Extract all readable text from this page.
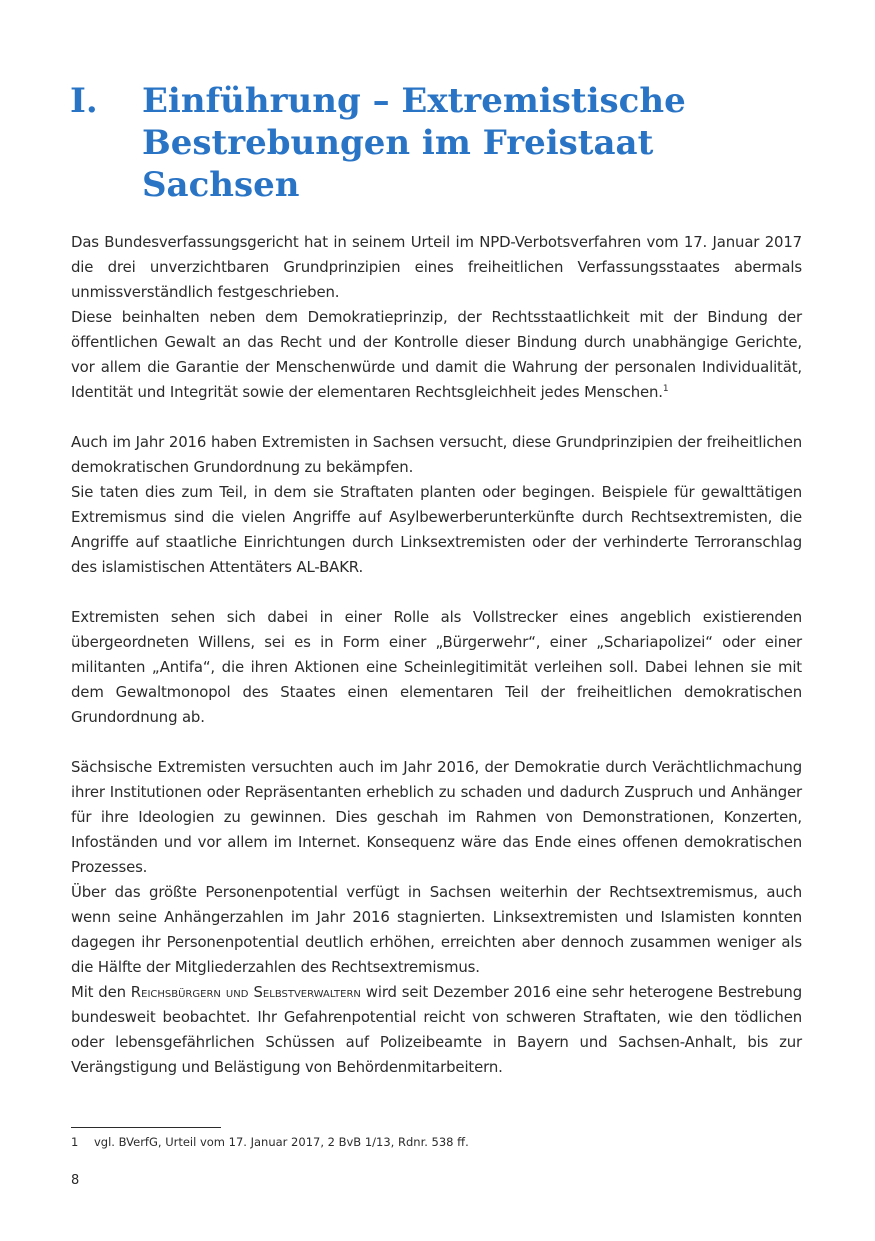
I. Einführung – Extremistische
Bestrebungen im Freistaat Sachsen

Das Bundesverfassungsgericht hat in seinem Urteil im NPD-Verbotsverfahren vom 17. Januar 2017 die drei unverzichtbaren Grundprinzipien eines freiheitlichen Verfassungsstaates abermals unmissverständlich festgeschrieben.

Diese beinhalten neben dem Demokratieprinzip, der Rechtsstaatlichkeit mit der Bindung der öffentlichen Gewalt an das Recht und der Kontrolle dieser Bindung durch unabhängige Gerichte, vor allem die Garantie der Menschenwürde und damit die Wahrung der personalen Individualität, Identität und Integrität sowie der elementaren Rechtsgleichheit jedes Menschen.$^1$

Auch im Jahr 2016 haben Extremisten in Sachsen versucht, diese Grundprinzipien der freiheitlichen demokratischen Grundordnung zu bekämpfen.

Sie taten dies zum Teil, in dem sie Straftaten planten oder begingen. Beispiele für gewalttätigen Extremismus sind die vielen Angriffe auf Asylbewerberunterkünfte durch Rechtsextremisten, die Angriffe auf staatliche Einrichtungen durch Linksextremisten oder der verhinderte Terroranschlag des islamistischen Attentäters AL-BAKR.

Extremisten sehen sich dabei in einer Rolle als Vollstrecker eines angeblich existierenden übergeordneten Willens, sei es in Form einer „Bürgerwehr“, einer „Schariapolizei“ oder einer militanten „Antifa“, die ihren Aktionen eine Scheinlegitimität verleihen soll. Dabei lehnen sie mit dem Gewaltmonopol des Staates einen elementaren Teil der freiheitlichen demokratischen Grundordnung ab.

Sächsische Extremisten versuchten auch im Jahr 2016, der Demokratie durch Verächtlichmachung ihrer Institutionen oder Repräsentanten erheblich zu schaden und dadurch Zuspruch und Anhänger für ihre Ideologien zu gewinnen. Dies geschah im Rahmen von Demonstrationen, Konzerten, Infoständen und vor allem im Internet. Konsequenz wäre das Ende eines offenen demokratischen Prozesses.

Über das größte Personenpotential verfügt in Sachsen weiterhin der Rechtsextremismus, auch wenn seine Anhängerzahlen im Jahr 2016 stagnierten. Linksextremisten und Islamisten konnten dagegen ihr Personenpotential deutlich erhöhen, erreichten aber dennoch zusammen weniger als die Hälfte der Mitgliederzahlen des Rechtsextremismus.

Mit den Reichsbürgern und Selbstverwaltern wird seit Dezember 2016 eine sehr heterogene Bestrebung bundesweit beobachtet. Ihr Gefahrenpotential reicht von schweren Straftaten, wie den tödlichen oder lebensgefährlichen Schüssen auf Polizeibeamte in Bayern und Sachsen-Anhalt, bis zur Verängstigung und Belästigung von Behördenmitarbeitern.

1 vgl. BVerfG, Urteil vom 17. Januar 2017, 2 BvB 1/13, Rdnr. 538 ff.
8
